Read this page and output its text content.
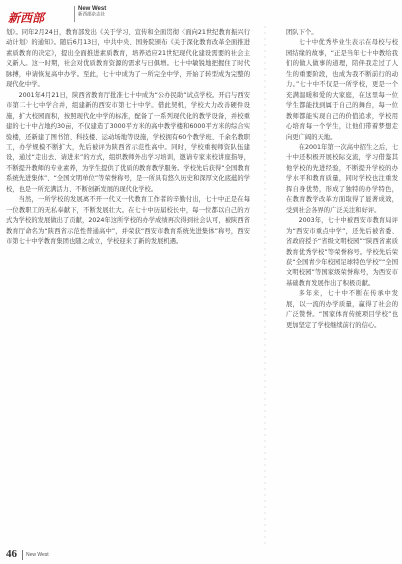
新西部
New West
新西部杂志社

划》。同年2月24日，教育部发出《关于学习、宣传和全面贯彻〈面向21世纪教育振兴行动计划〉的通知》。随后6月13日，中共中央、国务院颁布《关于深化教育改革全面推进素质教育的决定》，提出全面推进素质教育，培养适应21世纪现代化建设需要的社会主义新人。这一时期，社会对优质教育资源的需求与日俱增。七十中敏锐地把握住了时代脉搏，申请恢复高中办学。至此，七十中成为了一所完全中学，开始了转型成为完整的现代化中学。

2001年4月21日，陕西省教育厅批准七十中成为“公办民助”试点学校。开启与西安市第二十七中学合并，组建新的西安市第七十中学。借此契机，学校大力改善硬件设施，扩大校园面积，按照现代化中学的标准，配备了一系列现代化的教学设备，并校重建的七十中占地约30亩，不仅建造了3000平方米的高中教学楼和6000平方米的综合实验楼，还新建了图书馆、科技楼、运动场地等设施，学校拥有60个教学班、千余名教职工，办学规模不断扩大，先后被评为陕西省示范性高中。同时，学校重视师资队伍建设，通过“走出去、请进来”的方式，组织教师外出学习培训，邀请专家来校讲座指导，不断提升教师的专业素养，为学生提供了优质的教育教学服务。学校先后获得“全国教育系统先进集体”、“全国文明单位”等荣誉称号，是一所具有悠久历史和深厚文化底蕴的学校，也是一所充满活力、不断创新发展的现代化学校。

当然，一所学校的发展离不开一代又一代教育工作者的辛勤付出，七十中正是在每一位教职工的无私奉献下，不断发展壮大。在七十中历届校长中，每一位都以自己的方式为学校的发展做出了贡献，2024年这所学校的办学成绩再次得到社会认可，被陕西省教育厅命名为“陕西省示范性普通高中”，并荣获“西安市教育系统先进集体”称号，西安市第七十中学教育集团也随之成立，学校迎来了新的发展机遇。

团队下个。

七十中优秀毕业生表示在母校与校园结缘的故事，“正是当年七十中教给我们的做人做事的道理，陪伴我走过了人生的重要阶段，也成为我不断前行的动力。”七十中不仅是一所学校，更是一个充满温暖和爱的大家庭，在这里每一位学生都能找到属于自己的舞台，每一位教师都能实现自己的价值追求，学校用心培育每一个学生，让他们带着梦想走向更广阔的天地。

在2001年第一次高中招生之后，七十中还积极开展校际交流，学习借鉴其他学校的先进经验，不断提升学校的办学水平和教育质量，同时学校也注重发挥自身优势，形成了独特的办学特色，在教育教学改革方面取得了显著成效，受到社会各界的广泛关注和好评。

2003年，七十中被西安市教育局评为“西安市重点中学”，还先后被省委、省政府授予“省级文明校园”“陕西省素质教育优秀学校”等荣誉称号。学校先后荣获“全国青少年校园足球特色学校”“全国文明校园”等国家级荣誉称号，为西安市基础教育发展作出了积极贡献。

多年来，七十中不断在传承中发展，以一流的办学质量，赢得了社会的广泛赞誉。“国家体育传统项目学校”也更加坚定了学校继续前行的信心。

46 New West
